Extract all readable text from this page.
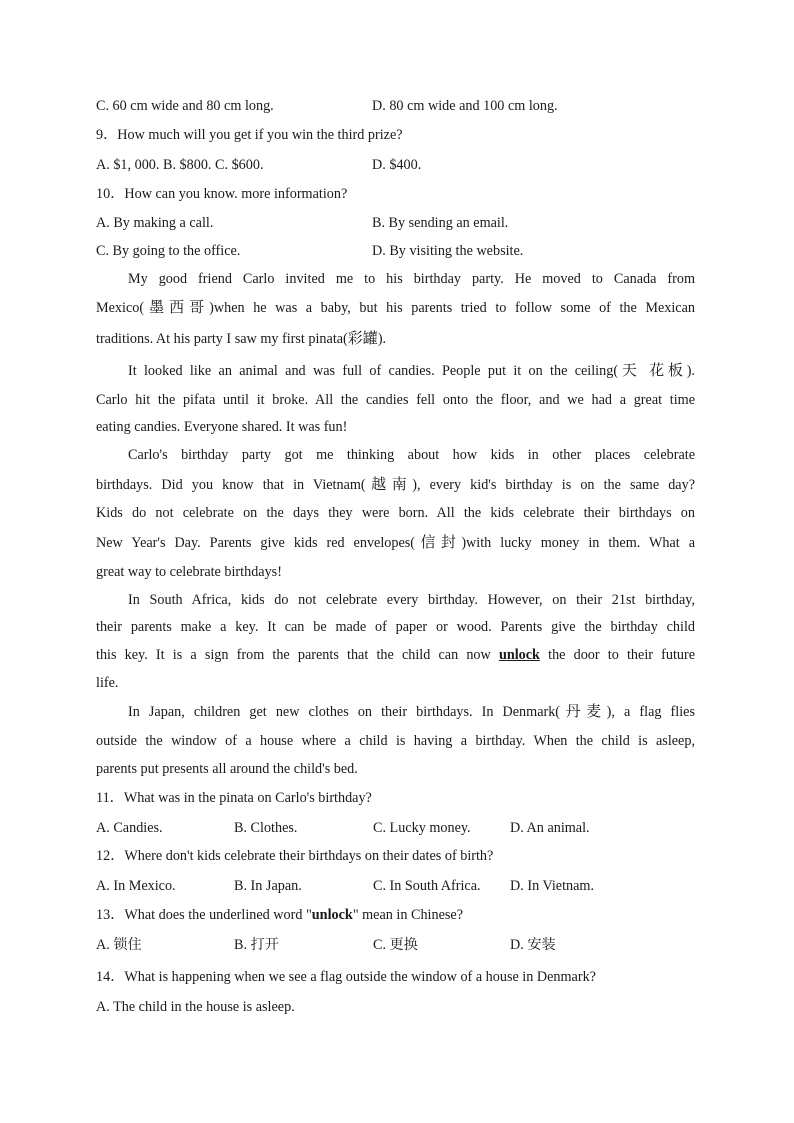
C. 60 cm wide and 80 cm long.	D. 80 cm wide and 100 cm long.
9．How much will you get if you win the third prize?
A. $1, 000. B. $800. C. $600.	D. $400.
10．How can you know. more information?
A. By making a call.	B. By sending an email.
C. By going to the office.	D. By visiting the website.
My good friend Carlo invited me to his birthday party. He moved to Canada from
Mexico(墨西哥)when he was a baby, but his parents tried to follow some of the Mexican
traditions. At his party I saw my first pinata(彩罐).
It looked like an animal and was full of candies. People put it on the ceiling(天 花板).
Carlo hit the pifata until it broke. All the candies fell onto the floor, and we had a great time
eating candies. Everyone shared. It was fun!
Carlo's birthday party got me thinking about how kids in other places celebrate
birthdays. Did you know that in Vietnam(越南), every kid's birthday is on the same day?
Kids do not celebrate on the days they were born. All the kids celebrate their birthdays on
New Year's Day. Parents give kids red envelopes(信封)with lucky money in them. What a
great way to celebrate birthdays!
In South Africa, kids do not celebrate every birthday. However, on their 21st birthday,
their parents make a key. It can be made of paper or wood. Parents give the birthday child
this key. It is a sign from the parents that the child can now unlock the door to their future
life.
In Japan, children get new clothes on their birthdays. In Denmark(丹麦), a flag flies
outside the window of a house where a child is having a birthday. When the child is asleep,
parents put presents all around the child's bed.
11．What was in the pinata on Carlo's birthday?
A. Candies.	B. Clothes.	C. Lucky money.	D. An animal.
12．Where don't kids celebrate their birthdays on their dates of birth?
A. In Mexico.	B. In Japan.	C. In South Africa. D. In Vietnam.
13．What does the underlined word "unlock" mean in Chinese?
A. 锁住	B. 打开	C. 更换	D. 安装
14．What is happening when we see a flag outside the window of a house in Denmark?
A. The child in the house is asleep.
